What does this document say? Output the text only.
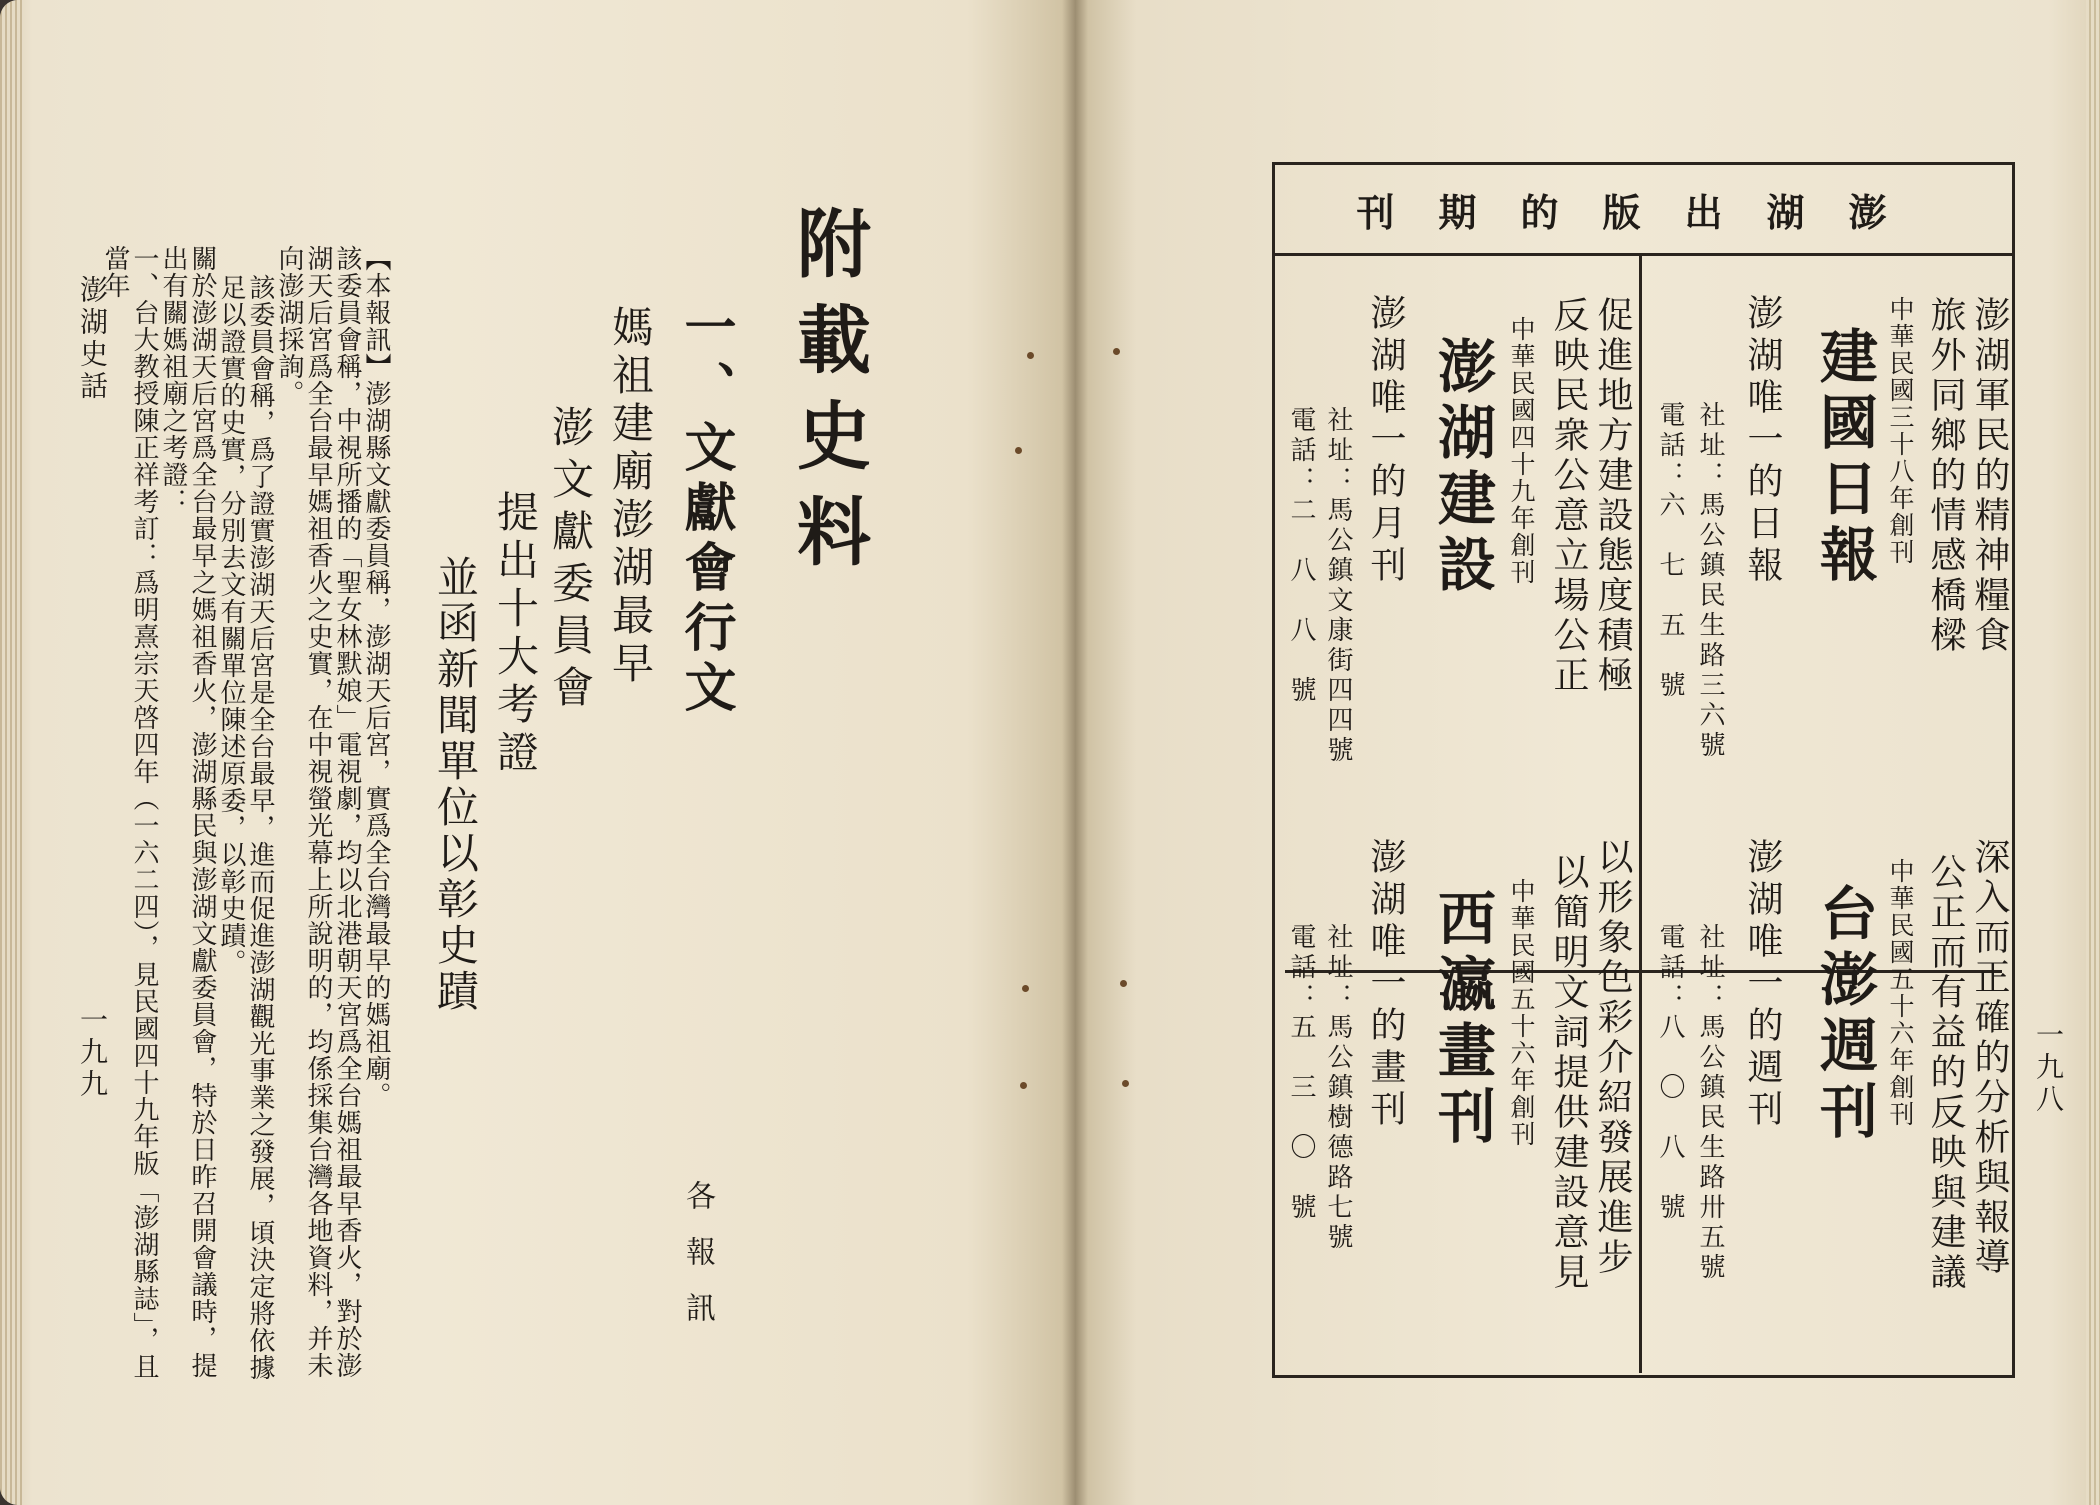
附載史料
一、文獻會行文
媽祖建廟澎湖最早
澎文獻委員會
提出十大考證
並函新聞單位以彰史蹟
各報訊

【本報訊】澎湖縣文獻委員稱，澎湖天后宮，實爲全台灣最早的媽祖廟。

該委員會稱，中視所播的「聖女林默娘」電視劇，均以北港朝天宮爲全台媽祖最早香火，對於澎湖天后宮爲全台最早媽祖香火之史實，在中視螢光幕上所說明的，均係採集台灣各地資料，并未向澎湖採詢。

該委員會稱，爲了證實澎湖天后宮是全台最早，進而促進澎湖觀光事業之發展，頃決定將依據足以證實的史實，分別去文有關單位陳述原委，以彰史蹟。

關於澎湖天后宮爲全台最早之媽祖香火，澎湖縣民與澎湖文獻委員會，特於日昨召開會議時，提出有關媽祖廟之考證：

一、台大教授陳正祥考訂：爲明熹宗天啓四年（一六二四），見民國四十九年版「澎湖縣誌」，且當年

澎湖史話
一九九	一九八
澎湖出版的期刊
澎湖軍民的精神糧食
旅外同鄉的情感橋樑
中華民國三十八年創刊
建國日報
澎湖唯一的日報
社址：馬公鎮民生路三六號
電話：六　七　五　號
促進地方建設態度積極
反映民衆公意立場公正
中華民國四十九年創刊
澎湖建設
澎湖唯一的月刊
社址：馬公鎮文康街四四號
電話：二　八　八　號
深入而正確的分析與報導
公正而有益的反映與建議
中華民國五十六年創刊
台澎週刊
澎湖唯一的週刊
社址：馬公鎮民生路卅五號
電話：八　〇　八　號
以形象色彩介紹發展進步
以簡明文詞提供建設意見
中華民國五十六年創刊
西瀛畫刊
澎湖唯一的畫刊
社址：馬公鎮樹德路七號
電話：五　三　〇　號
